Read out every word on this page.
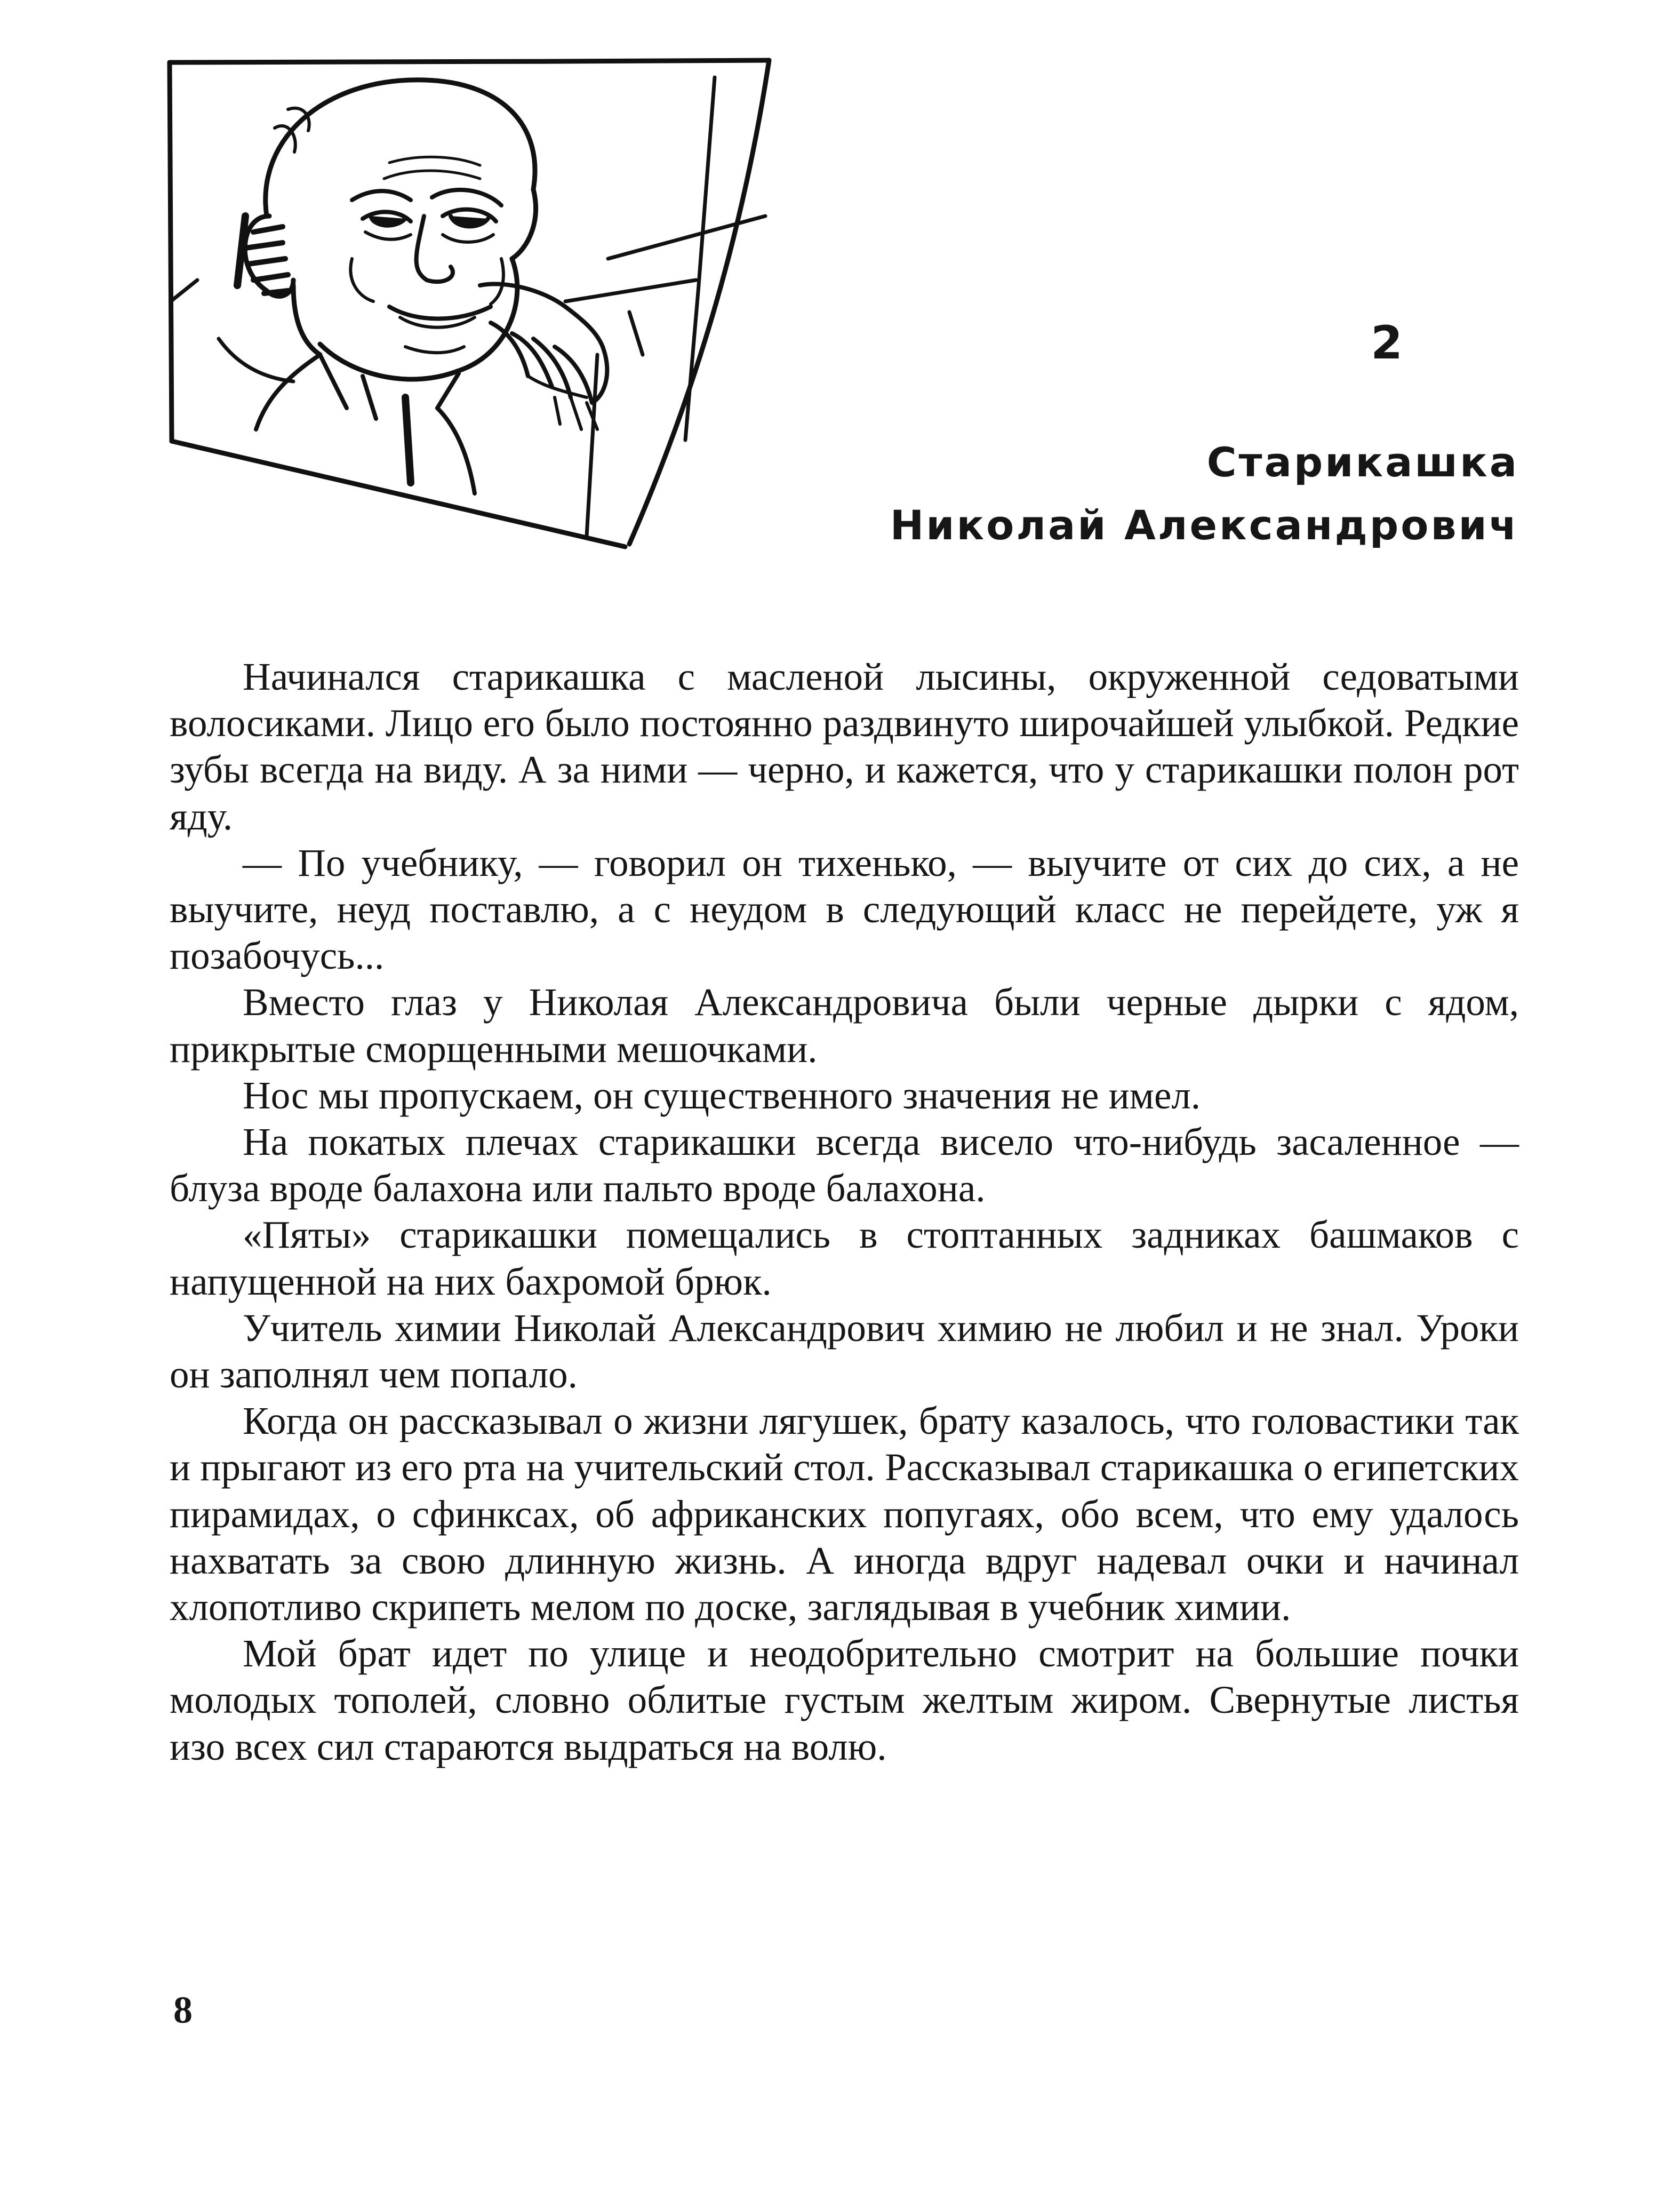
2
Старикашка
Николай Александрович

Начинался старикашка с масленой лысины, окруженной седоватыми волосиками. Лицо его было постоянно раздвинуто широчайшей улыбкой. Редкие зубы всегда на виду. А за ними — черно, и кажется, что у старикашки полон рот яду.

— По учебнику, — говорил он тихенько, — выучите от сих до сих, а не выучите, неуд поставлю, а с неудом в следующий класс не перейдете, уж я позабочусь...

Вместо глаз у Николая Александровича были черные дырки с ядом, прикрытые сморщенными мешочками.

Нос мы пропускаем, он существенного значения не имел.

На покатых плечах старикашки всегда висело что-нибудь засаленное — блуза вроде балахона или пальто вроде балахона.

«Пяты» старикашки помещались в стоптанных задниках башмаков с напущенной на них бахромой брюк.

Учитель химии Николай Александрович химию не любил и не знал. Уроки он заполнял чем попало.

Когда он рассказывал о жизни лягушек, брату казалось, что головастики так и прыгают из его рта на учительский стол. Рассказывал старикашка о египетских пирамидах, о сфинксах, об африканских попугаях, обо всем, что ему удалось нахватать за свою длинную жизнь. А иногда вдруг надевал очки и начинал хлопотливо скрипеть мелом по доске, заглядывая в учебник химии.

Мой брат идет по улице и неодобрительно смотрит на большие почки молодых тополей, словно облитые густым желтым жиром. Свернутые листья изо всех сил стараются выдраться на волю.

8
